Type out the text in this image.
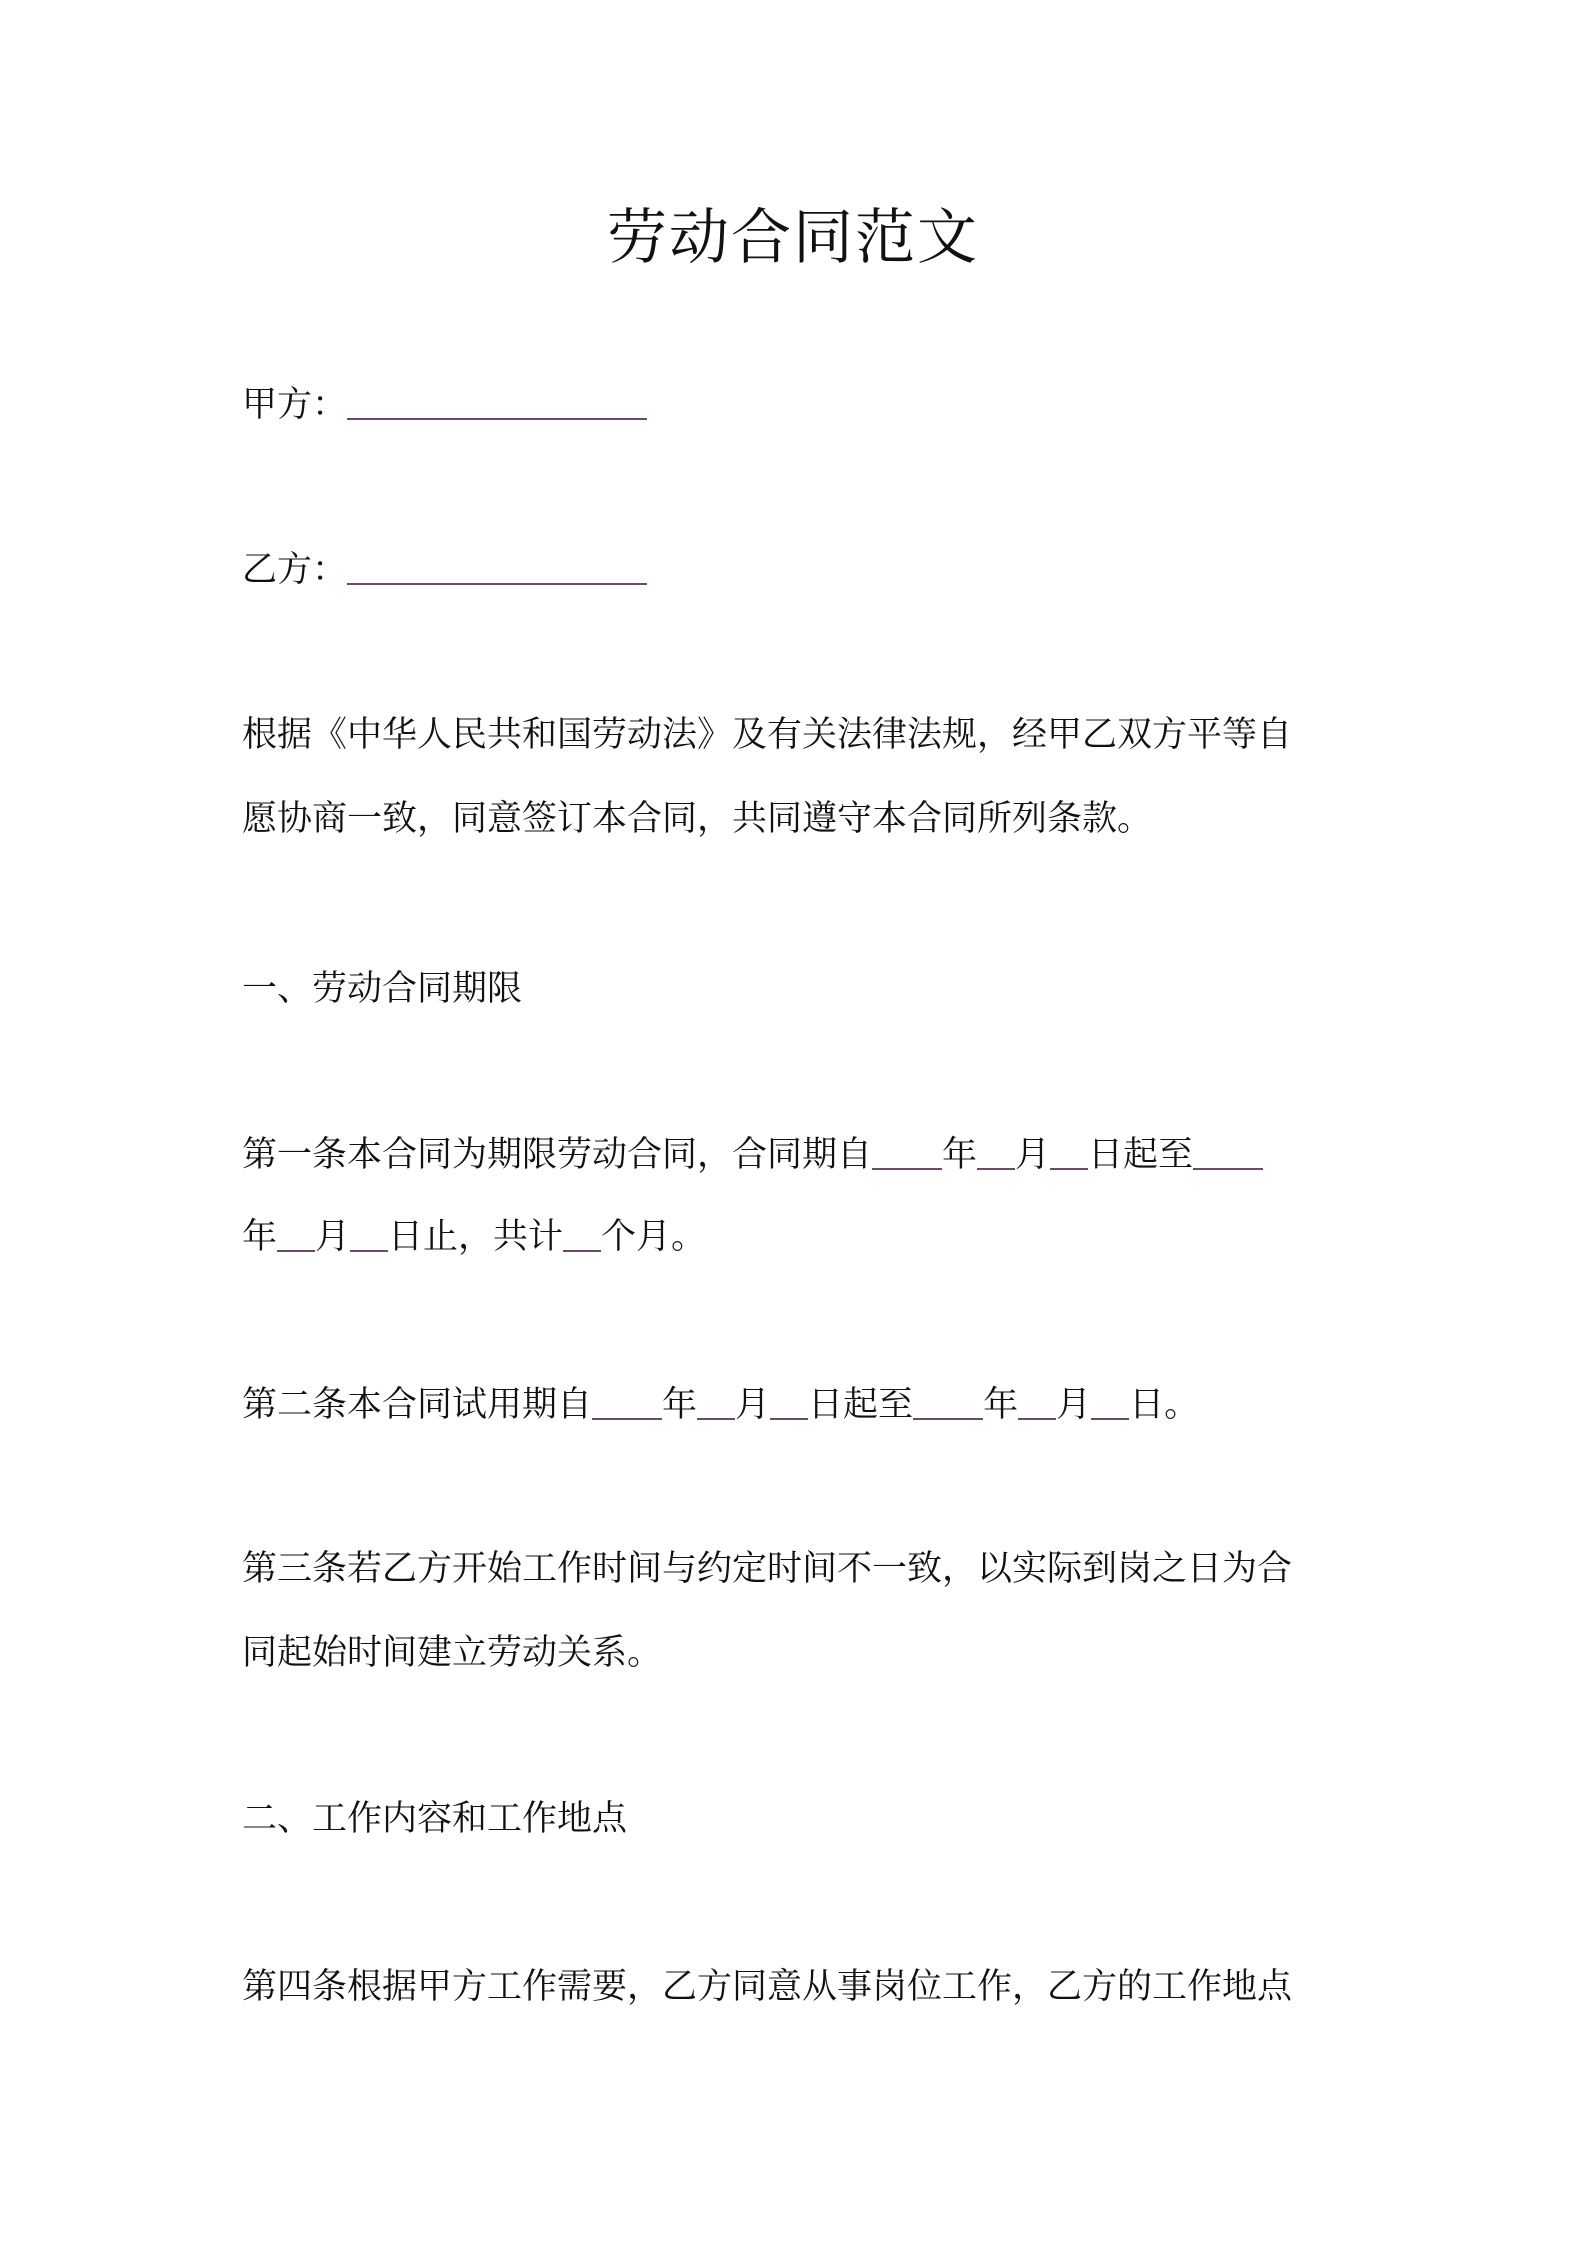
劳动合同范文
甲方：
乙方：
根据《中华人民共和国劳动法》及有关法律法规，经甲乙双方平等自
愿协商一致，同意签订本合同，共同遵守本合同所列条款。
一、劳动合同期限
第一条本合同为期限劳动合同，合同期自 年 月 日起至
年 月 日止，共计 个月。
第二条本合同试用期自 年 月 日起至 年 月 日。
第三条若乙方开始工作时间与约定时间不一致，以实际到岗之日为合
同起始时间建立劳动关系。
二、工作内容和工作地点
第四条根据甲方工作需要，乙方同意从事岗位工作，乙方的工作地点
